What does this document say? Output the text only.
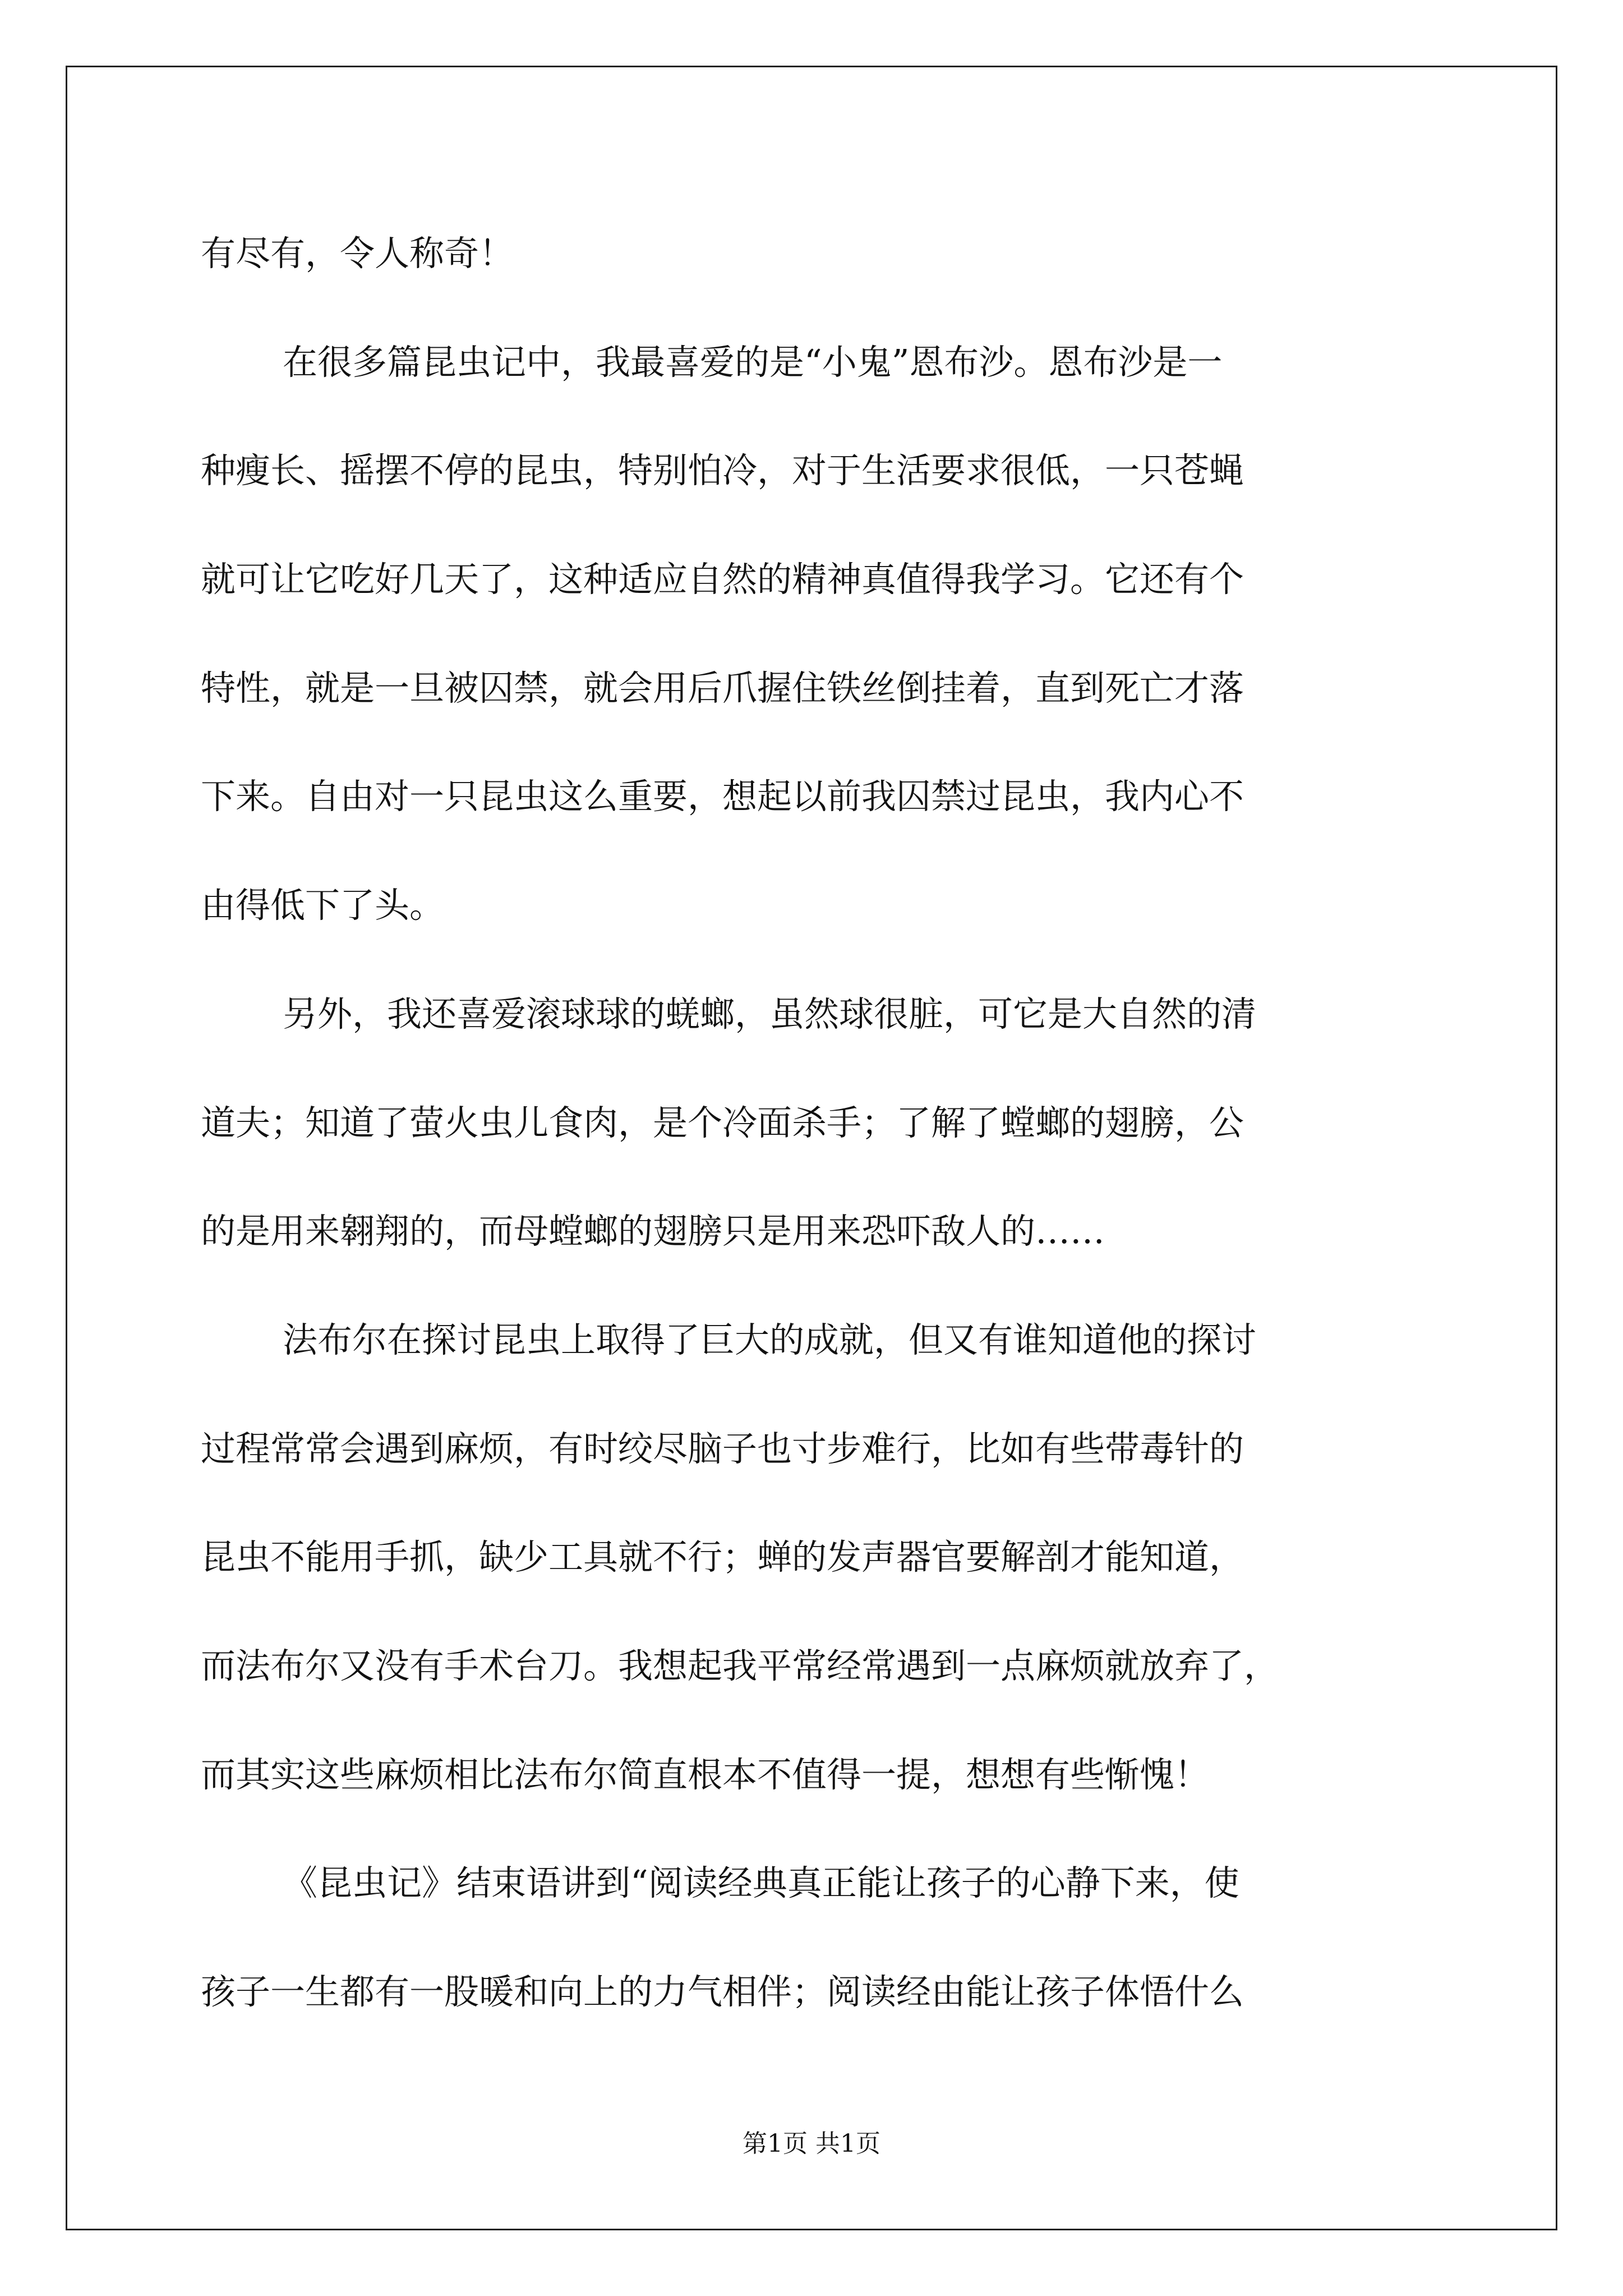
有尽有，令人称奇！
在很多篇昆虫记中，我最喜爱的是“小鬼”恩布沙。恩布沙是一
种瘦长、摇摆不停的昆虫，特别怕冷，对于生活要求很低，一只苍蝇
就可让它吃好几天了，这种适应自然的精神真值得我学习。它还有个
特性，就是一旦被囚禁，就会用后爪握住铁丝倒挂着，直到死亡才落
下来。自由对一只昆虫这么重要，想起以前我囚禁过昆虫，我内心不
由得低下了头。
另外，我还喜爱滚球球的蜣螂，虽然球很脏，可它是大自然的清
道夫；知道了萤火虫儿食肉，是个冷面杀手；了解了螳螂的翅膀，公
的是用来翱翔的，而母螳螂的翅膀只是用来恐吓敌人的……
法布尔在探讨昆虫上取得了巨大的成就，但又有谁知道他的探讨
过程常常会遇到麻烦，有时绞尽脑子也寸步难行，比如有些带毒针的
昆虫不能用手抓，缺少工具就不行；蝉的发声器官要解剖才能知道，
而法布尔又没有手术台刀。我想起我平常经常遇到一点麻烦就放弃了，
而其实这些麻烦相比法布尔简直根本不值得一提，想想有些惭愧！
《昆虫记》结束语讲到“阅读经典真正能让孩子的心静下来，使
孩子一生都有一股暖和向上的力气相伴；阅读经由能让孩子体悟什么
第1页 共1页
